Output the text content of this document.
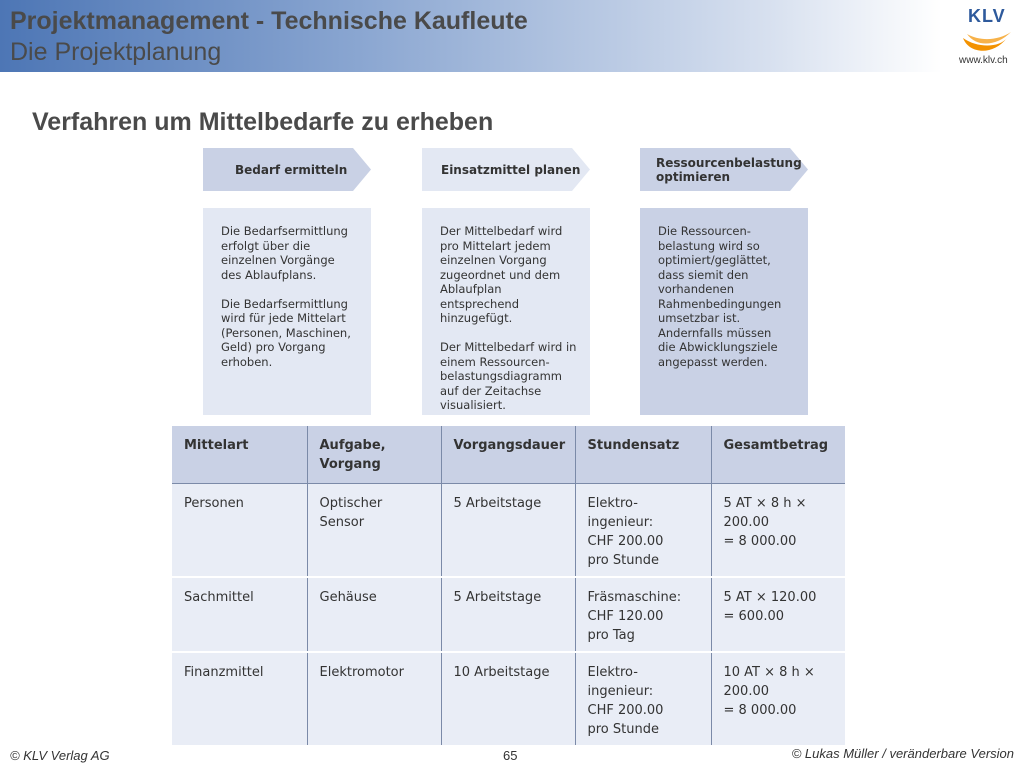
Projektmanagement - Technische Kaufleute
Die Projektplanung
KLV
www.klv.ch
Verfahren um Mittelbedarfe zu erheben
Bedarf ermitteln	Einsatzmittel planen	Ressourcenbelastung
optimieren

Die Bedarfsermittlung
erfolgt über die
einzelnen Vorgänge
des Ablaufplans.

Die Bedarfsermittlung
wird für jede Mittelart
(Personen, Maschinen,
Geld) pro Vorgang
erhoben.

Der Mittelbedarf wird
pro Mittelart jedem
einzelnen Vorgang
zugeordnet und dem
Ablaufplan entsprechend
hinzugefügt.

Der Mittelbedarf wird in
einem Ressourcen-
belastungsdiagramm
auf der Zeitachse
visualisiert.

Die Ressourcen-
belastung wird so
optimiert/geglättet,
dass siemit den
vorhandenen
Rahmenbedingungen
umsetzbar ist.
Andernfalls müssen
die Abwicklungsziele
angepasst werden.

Mittelart	Aufgabe,
Vorgang	Vorgangsdauer	Stundensatz	Gesamtbetrag
Personen	Optischer
Sensor	5 Arbeitstage	Elektro-
ingenieur:
CHF 200.00
pro Stunde	5 AT × 8 h ×
200.00
= 8 000.00
Sachmittel	Gehäuse	5 Arbeitstage	Fräsmaschine:
CHF 120.00
pro Tag	5 AT × 120.00
= 600.00
Finanzmittel	Elektromotor	10 Arbeitstage	Elektro-
ingenieur:
CHF 200.00
pro Stunde	10 AT × 8 h ×
200.00
= 8 000.00
© KLV Verlag AG	65	© Lukas Müller / veränderbare Version
